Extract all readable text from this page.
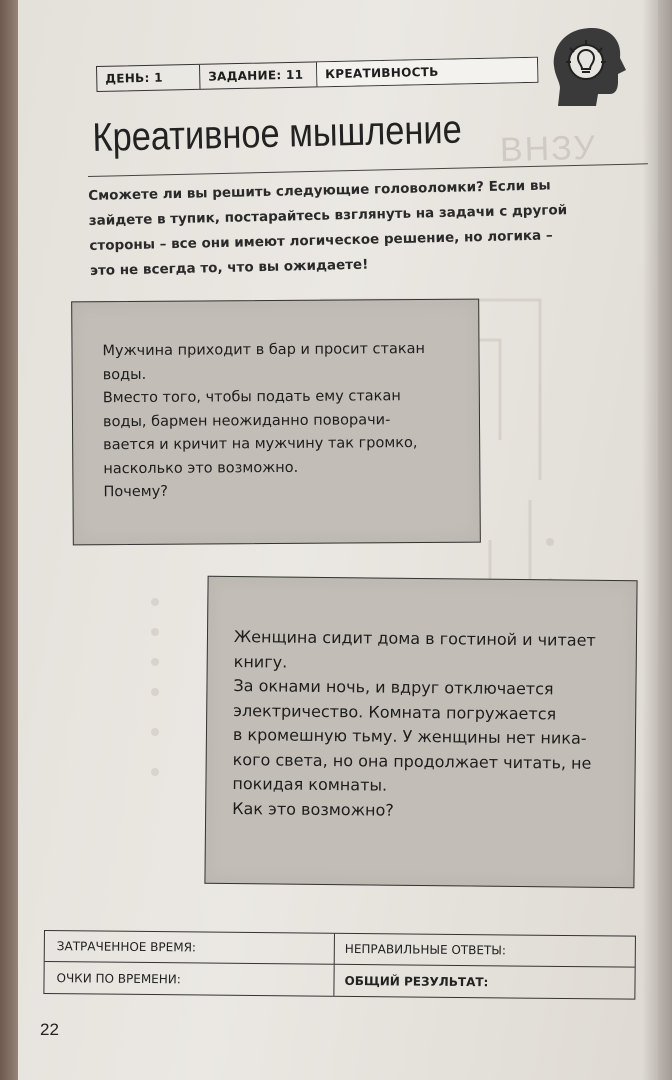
ДЕНЬ: 1	ЗАДАНИЕ: 11	КРЕАТИВНОСТЬ
ВНЗУ
Креативное мышление
Сможете ли вы решить следующие головоломки? Если вы
зайдете в тупик, постарайтесь взглянуть на задачи с другой
стороны – все они имеют логическое решение, но логика –
это не всегда то, что вы ожидаете!
Мужчина приходит в бар и просит стакан
воды.
Вместо того, чтобы подать ему стакан
воды, бармен неожиданно поворачи-
вается и кричит на мужчину так громко,
насколько это возможно.
Почему?
Женщина сидит дома в гостиной и читает
книгу.
За окнами ночь, и вдруг отключается
электричество. Комната погружается
в кромешную тьму. У женщины нет ника-
кого света, но она продолжает читать, не
покидая комнаты.
Как это возможно?
ЗАТРАЧЕННОЕ ВРЕМЯ:	НЕПРАВИЛЬНЫЕ ОТВЕТЫ:
ОЧКИ ПО ВРЕМЕНИ:	ОБЩИЙ РЕЗУЛЬТАТ:
22
